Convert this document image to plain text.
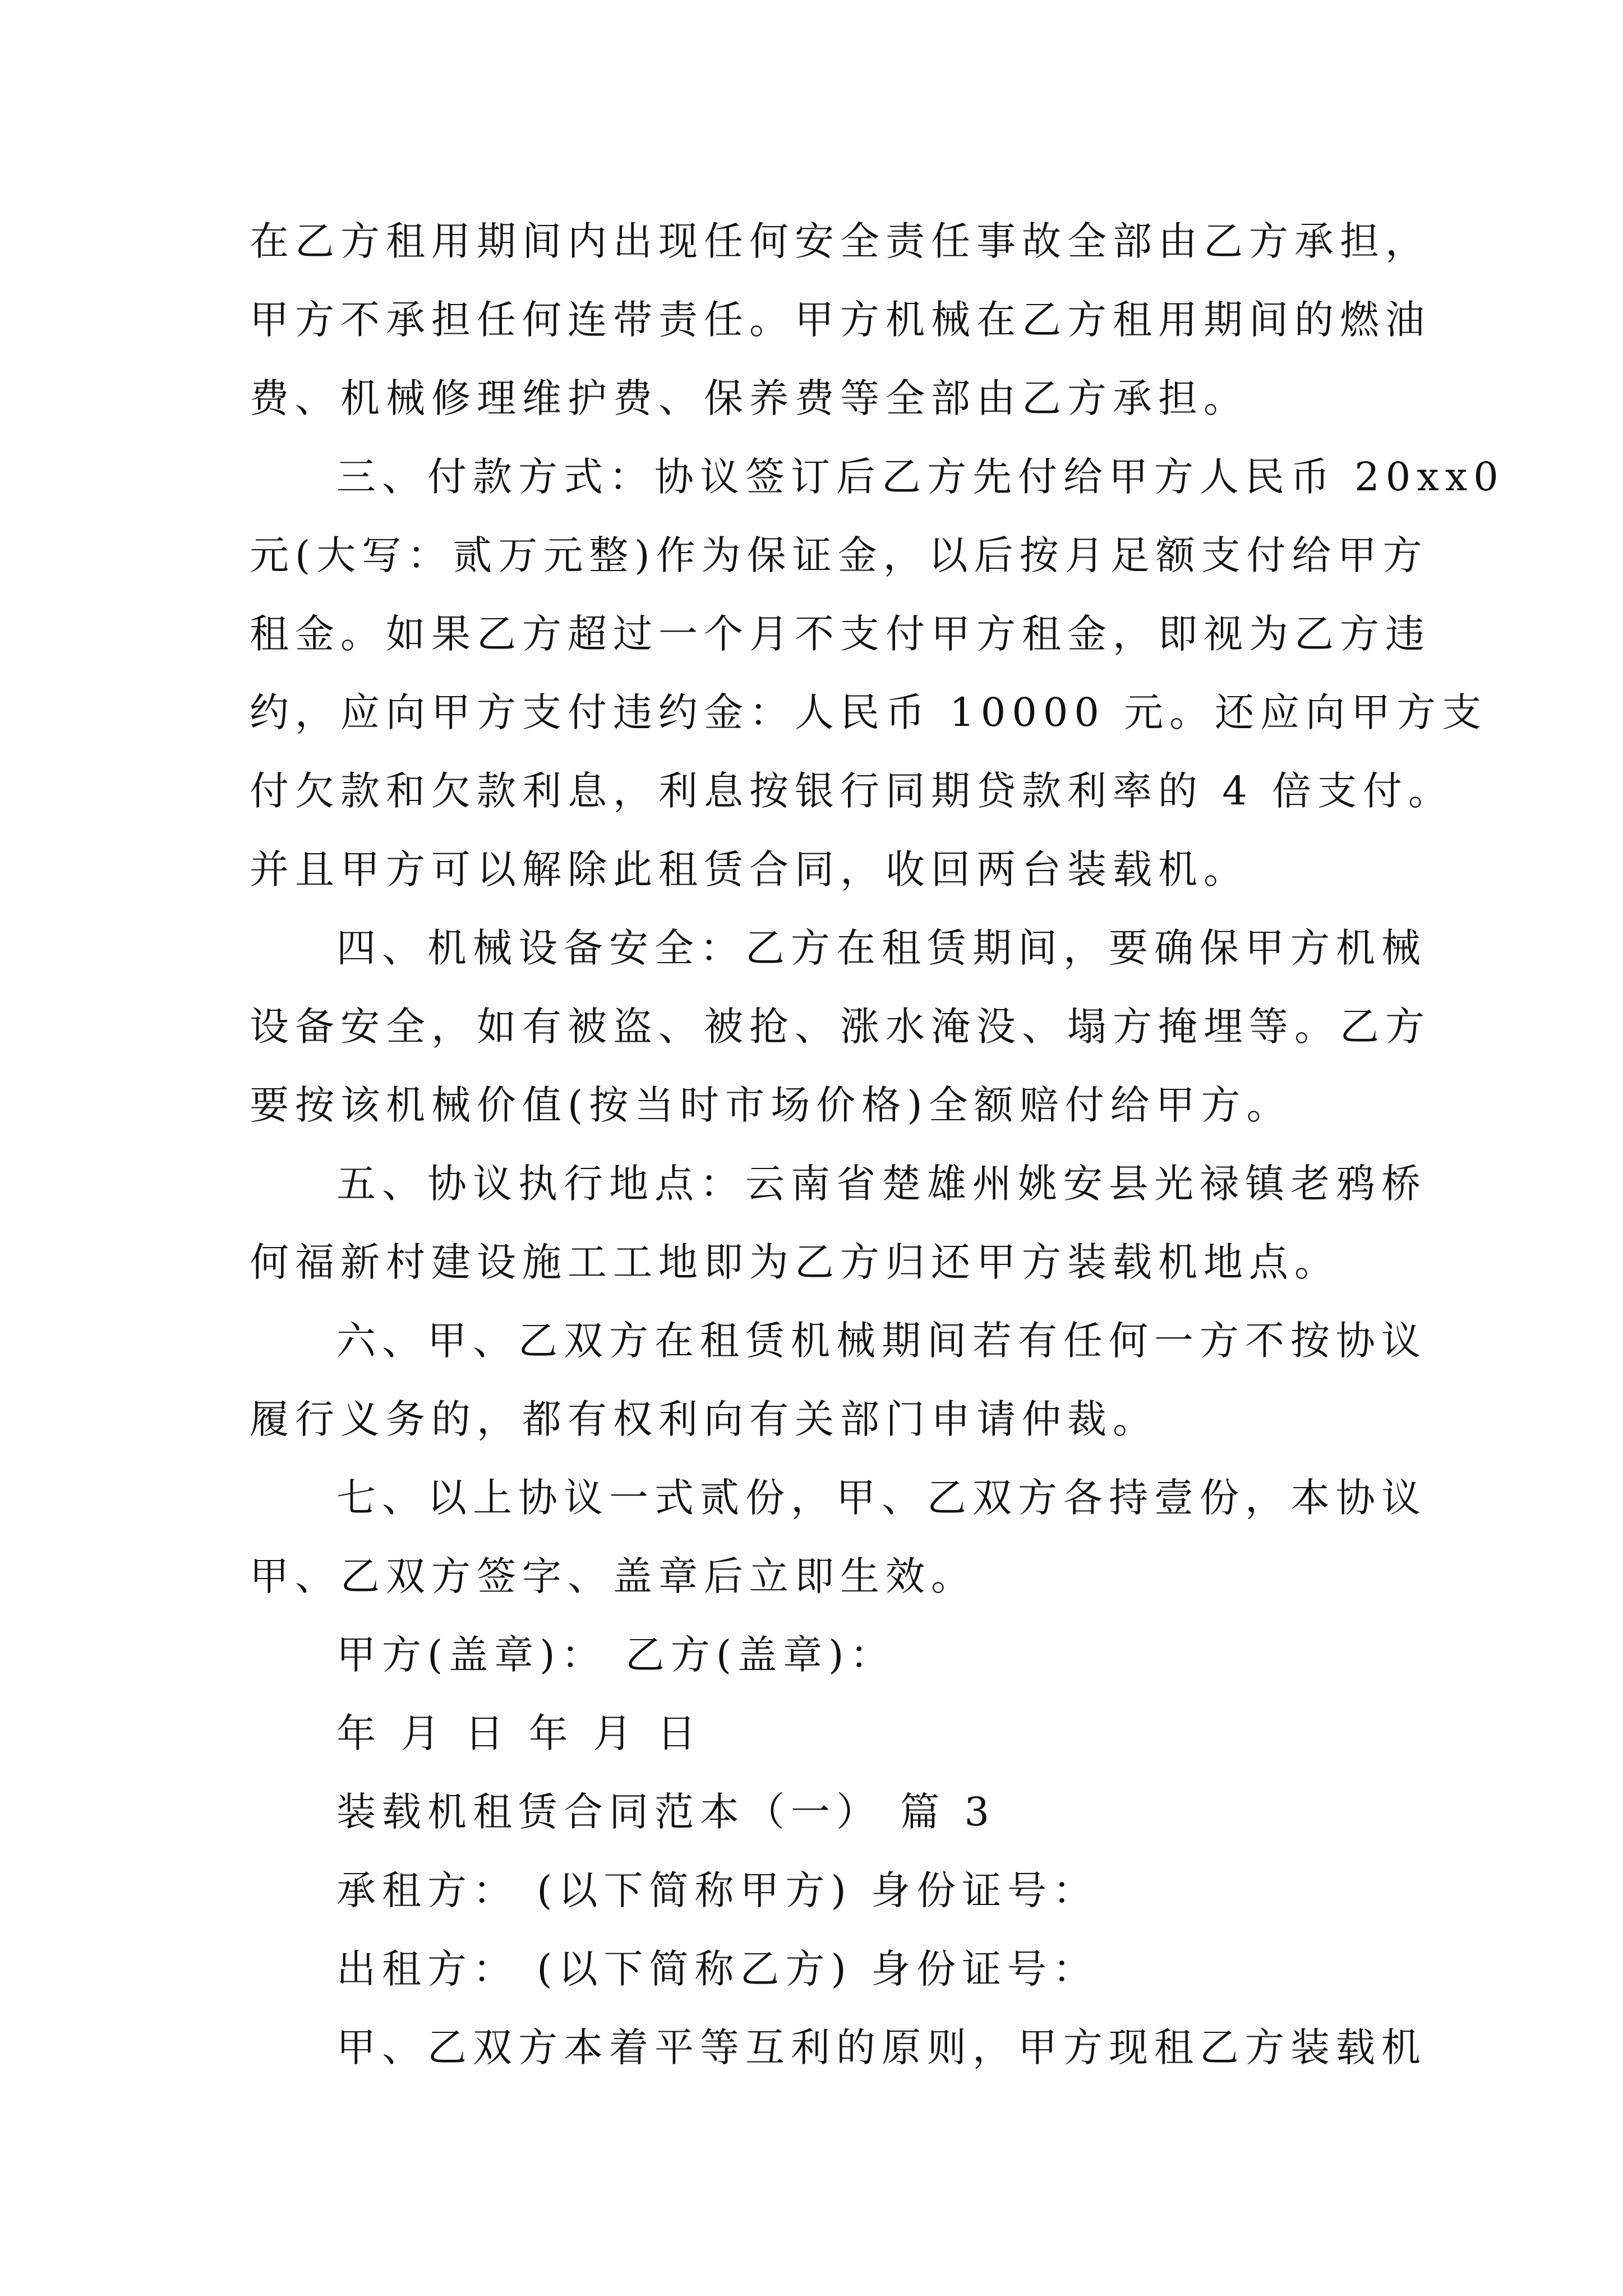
在乙方租用期间内出现任何安全责任事故全部由乙方承担，
甲方不承担任何连带责任。甲方机械在乙方租用期间的燃油
费、机械修理维护费、保养费等全部由乙方承担。
三、付款方式：协议签订后乙方先付给甲方人民币 20xx0
元(大写：贰万元整)作为保证金，以后按月足额支付给甲方
租金。如果乙方超过一个月不支付甲方租金，即视为乙方违
约，应向甲方支付违约金：人民币 10000 元。还应向甲方支
付欠款和欠款利息，利息按银行同期贷款利率的 4 倍支付。
并且甲方可以解除此租赁合同，收回两台装载机。
四、机械设备安全：乙方在租赁期间，要确保甲方机械
设备安全，如有被盗、被抢、涨水淹没、塌方掩埋等。乙方
要按该机械价值(按当时市场价格)全额赔付给甲方。
五、协议执行地点：云南省楚雄州姚安县光禄镇老鸦桥
何福新村建设施工工地即为乙方归还甲方装载机地点。
六、甲、乙双方在租赁机械期间若有任何一方不按协议
履行义务的，都有权利向有关部门申请仲裁。
七、以上协议一式贰份，甲、乙双方各持壹份，本协议
甲、乙双方签字、盖章后立即生效。
甲方(盖章)： 乙方(盖章)：
年 月 日 年 月 日
装载机租赁合同范本（一） 篇 3
承租方： (以下简称甲方) 身份证号：
出租方： (以下简称乙方) 身份证号：
甲、乙双方本着平等互利的原则，甲方现租乙方装载机
